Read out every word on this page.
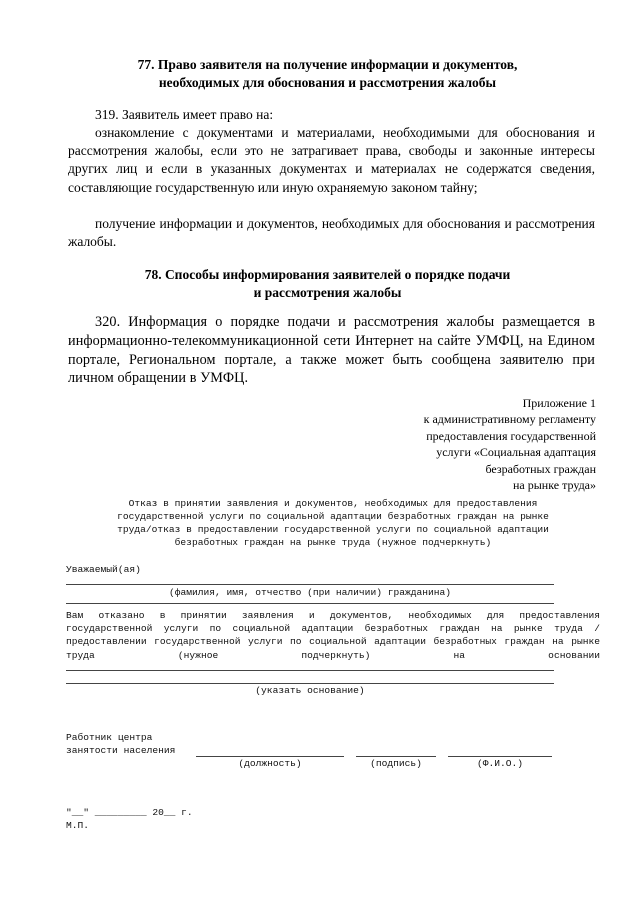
77. Право заявителя на получение информации и документов,
необходимых для обоснования и рассмотрения жалобы

319. Заявитель имеет право на:

ознакомление с документами и материалами, необходимыми для обоснования и рассмотрения жалобы, если это не затрагивает права, свободы и законные интересы других лиц и если в указанных документах и материалах не содержатся сведения, составляющие государственную или иную охраняемую законом тайну;

получение информации и документов, необходимых для обоснования и рассмотрения жалобы.

78. Способы информирования заявителей о порядке подачи
и рассмотрения жалобы

320. Информация о порядке подачи и рассмотрения жалобы размещается в информационно-телекоммуникационной сети Интернет на сайте УМФЦ, на Едином портале, Региональном портале, а также может быть сообщена заявителю при личном обращении в УМФЦ.

Приложение 1
к административному регламенту
предоставления государственной
услуги «Социальная адаптация
безработных граждан
на рынке труда»
Отказ в принятии заявления и документов, необходимых для предоставления
государственной услуги по социальной адаптации безработных граждан на рынке
труда/отказ в предоставлении государственной услуги по социальной адаптации
безработных граждан на рынке труда (нужное подчеркнуть)
Уважаемый(ая)
(фамилия, имя, отчество (при наличии) гражданина)

Вам отказано в принятии заявления и документов, необходимых для предоставления государственной услуги по социальной адаптации безработных граждан на рынке труда /предоставлении государственной услуги по социальной адаптации безработных граждан на рынке труда (нужное подчеркнуть) на основании

(указать основание)
Работник центра
занятости населения
(должность)	(подпись)	(Ф.И.О.)
"__" _________ 20__ г.
М.П.
